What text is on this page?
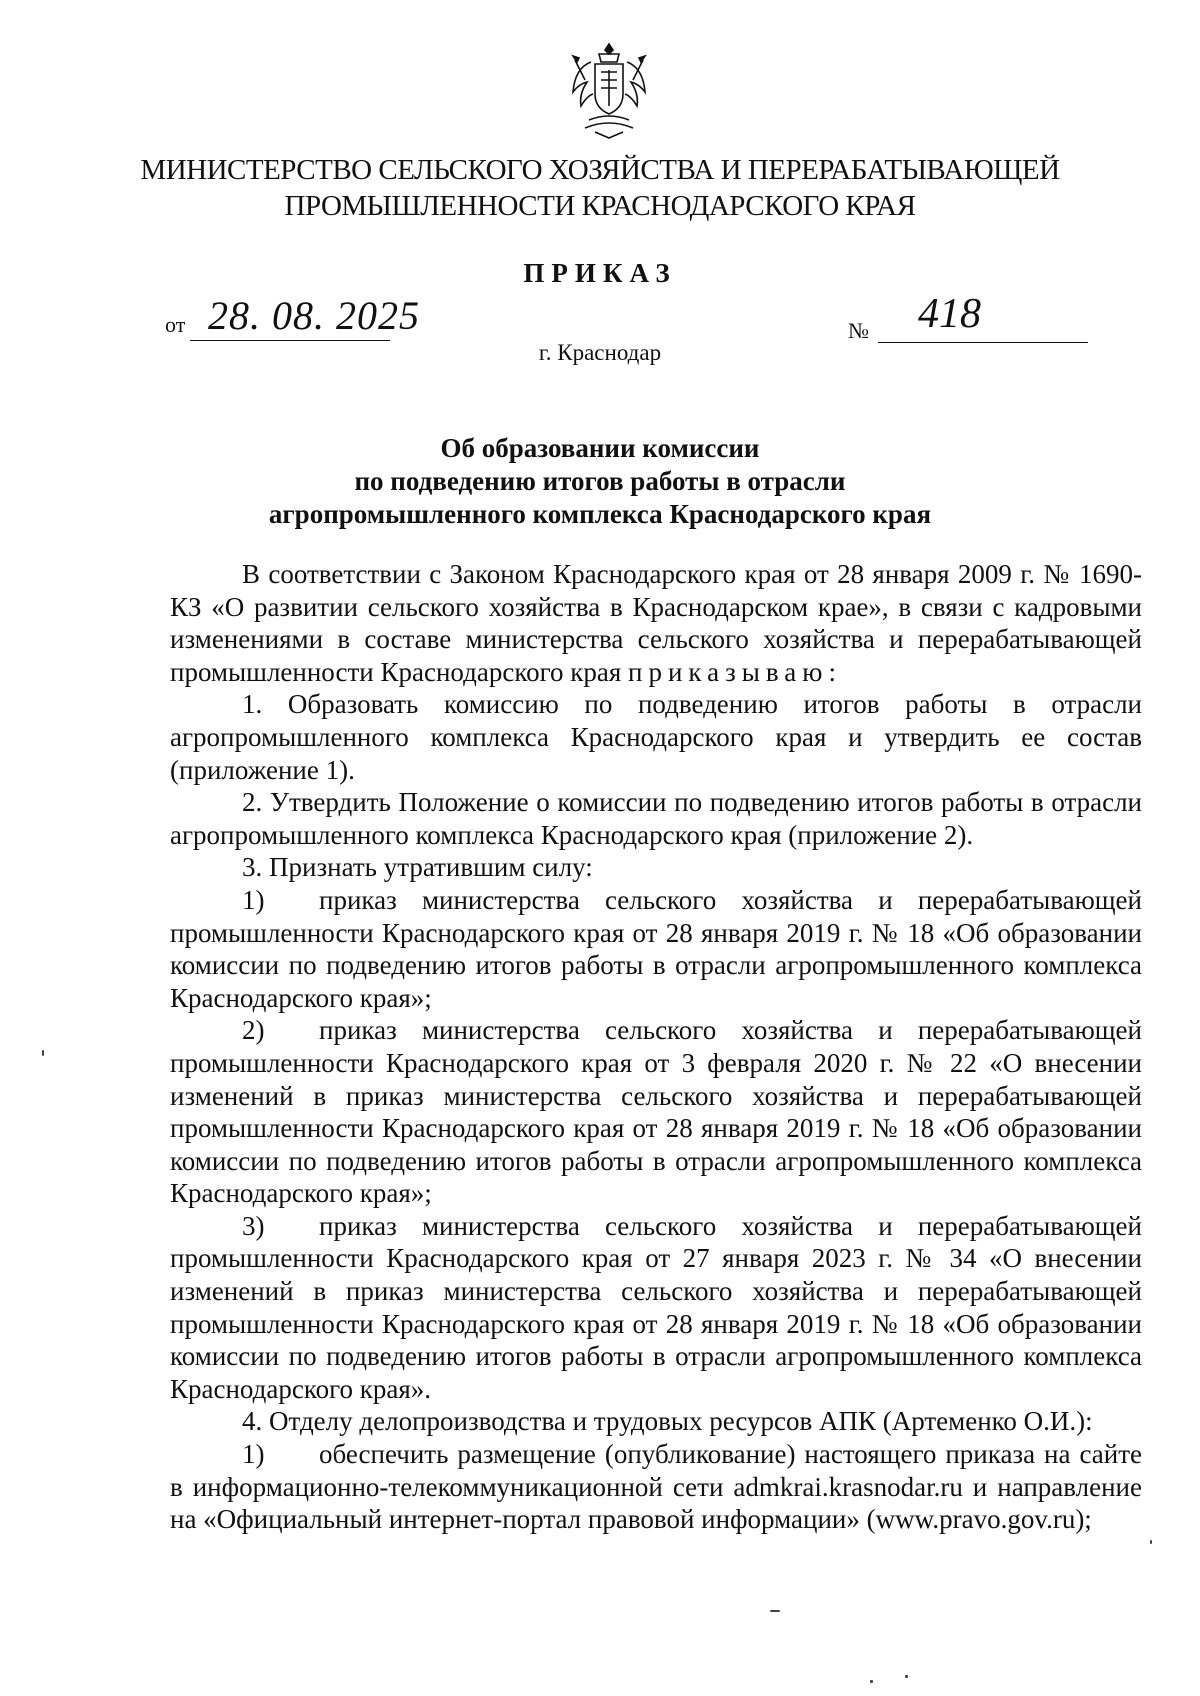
МИНИСТЕРСТВО СЕЛЬСКОГО ХОЗЯЙСТВА И ПЕРЕРАБАТЫВАЮЩЕЙ
ПРОМЫШЛЕННОСТИ КРАСНОДАРСКОГО КРАЯ
ПРИКАЗ
от 28. 08. 2025	№ 418
г. Краснодар
Об образовании комиссии
по подведению итогов работы в отрасли
агропромышленного комплекса Краснодарского края

В соответствии с Законом Краснодарского края от 28 января 2009 г. № 1690-КЗ «О развитии сельского хозяйства в Краснодарском крае», в связи с кадровыми изменениями в составе министерства сельского хозяйства и перерабатывающей промышленности Краснодарского края приказываю:

1. Образовать комиссию по подведению итогов работы в отрасли агропромышленного комплекса Краснодарского края и утвердить ее состав (приложение 1).

2. Утвердить Положение о комиссии по подведению итогов работы в отрасли агропромышленного комплекса Краснодарского края (приложение 2).

3. Признать утратившим силу:

1) приказ министерства сельского хозяйства и перерабатывающей промышленности Краснодарского края от 28 января 2019 г. № 18 «Об образовании комиссии по подведению итогов работы в отрасли агропромышленного комплекса Краснодарского края»;

2) приказ министерства сельского хозяйства и перерабатывающей промышленности Краснодарского края от 3 февраля 2020 г. № 22 «О внесении изменений в приказ министерства сельского хозяйства и перерабатывающей промышленности Краснодарского края от 28 января 2019 г. № 18 «Об образовании комиссии по подведению итогов работы в отрасли агропромышленного комплекса Краснодарского края»;

3) приказ министерства сельского хозяйства и перерабатывающей промышленности Краснодарского края от 27 января 2023 г. № 34 «О внесении изменений в приказ министерства сельского хозяйства и перерабатывающей промышленности Краснодарского края от 28 января 2019 г. № 18 «Об образовании комиссии по подведению итогов работы в отрасли агропромышленного комплекса Краснодарского края».

4. Отделу делопроизводства и трудовых ресурсов АПК (Артеменко О.И.):

1) обеспечить размещение (опубликование) настоящего приказа на сайте в информационно-телекоммуникационной сети admkrai.krasnodar.ru и направление на «Официальный интернет-портал правовой информации» (www.pravo.gov.ru);
